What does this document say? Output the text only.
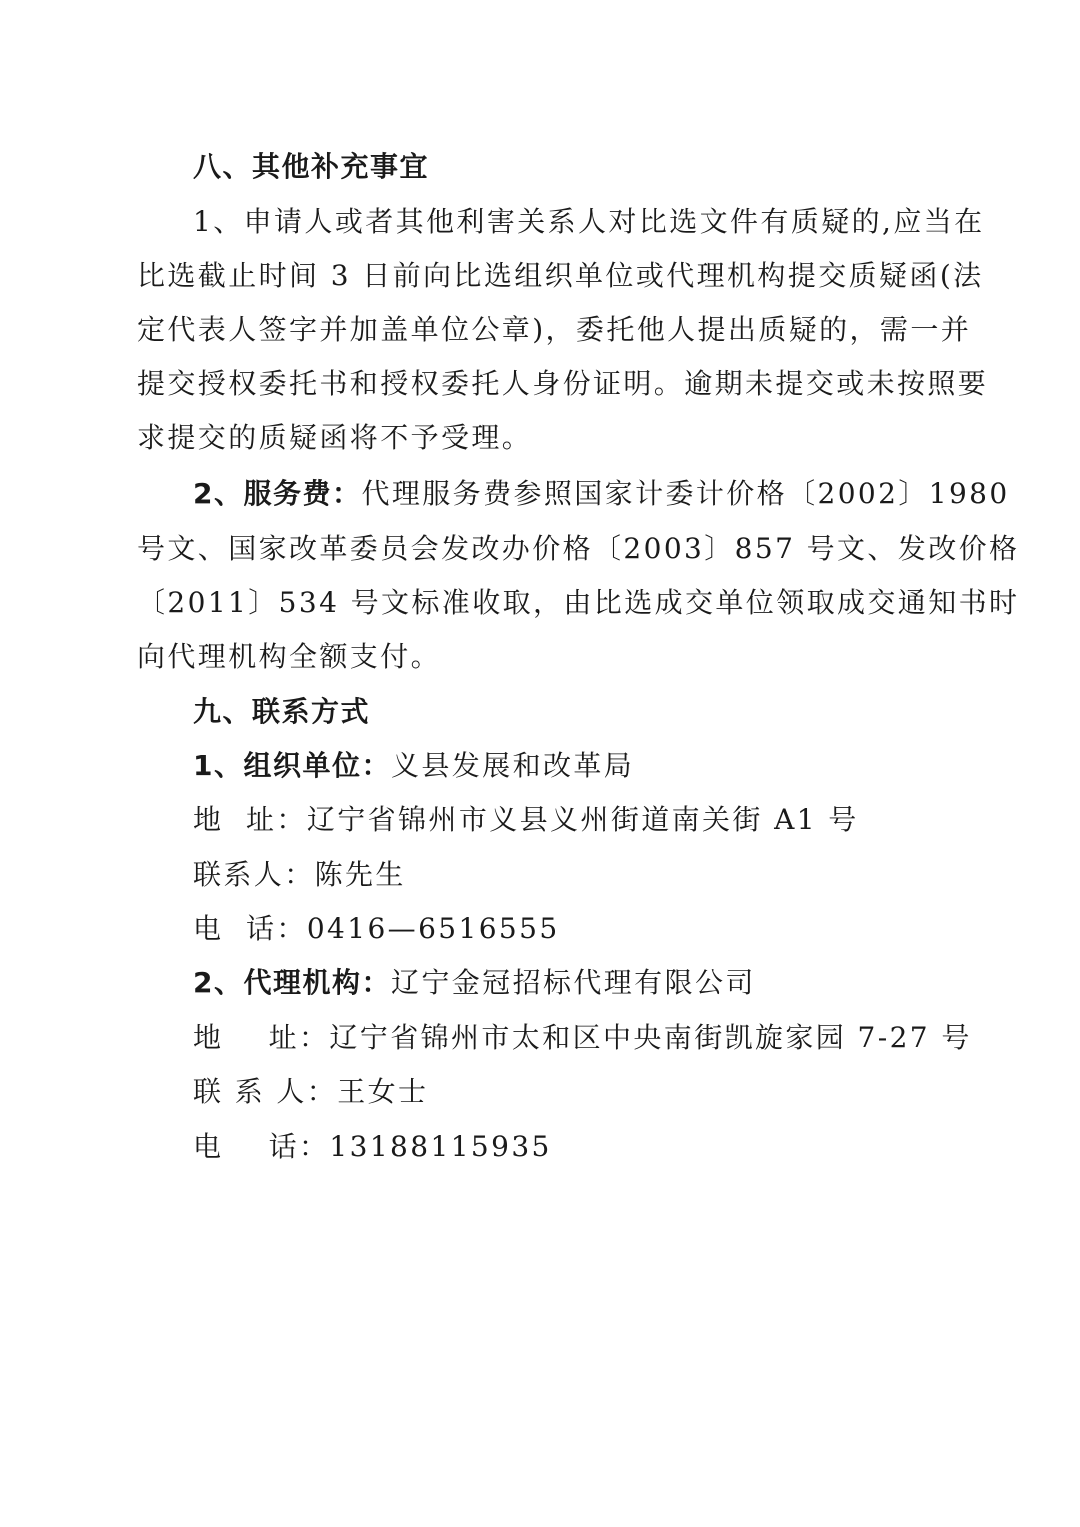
八、其他补充事宜
1、申请人或者其他利害关系人对比选文件有质疑的,应当在
比选截止时间 3 日前向比选组织单位或代理机构提交质疑函(法
定代表人签字并加盖单位公章)，委托他人提出质疑的，需一并
提交授权委托书和授权委托人身份证明。逾期未提交或未按照要
求提交的质疑函将不予受理。
2、服务费：代理服务费参照国家计委计价格〔2002〕1980
号文、国家改革委员会发改办价格〔2003〕857 号文、发改价格
〔2011〕534 号文标准收取，由比选成交单位领取成交通知书时
向代理机构全额支付。
九、联系方式
1、组织单位：义县发展和改革局
地  址：辽宁省锦州市义县义州街道南关街 A1 号
联系人：陈先生
电  话：0416—6516555
2、代理机构：辽宁金冠招标代理有限公司
地    址：辽宁省锦州市太和区中央南街凯旋家园 7-27 号
联 系 人：王女士
电    话：13188115935
